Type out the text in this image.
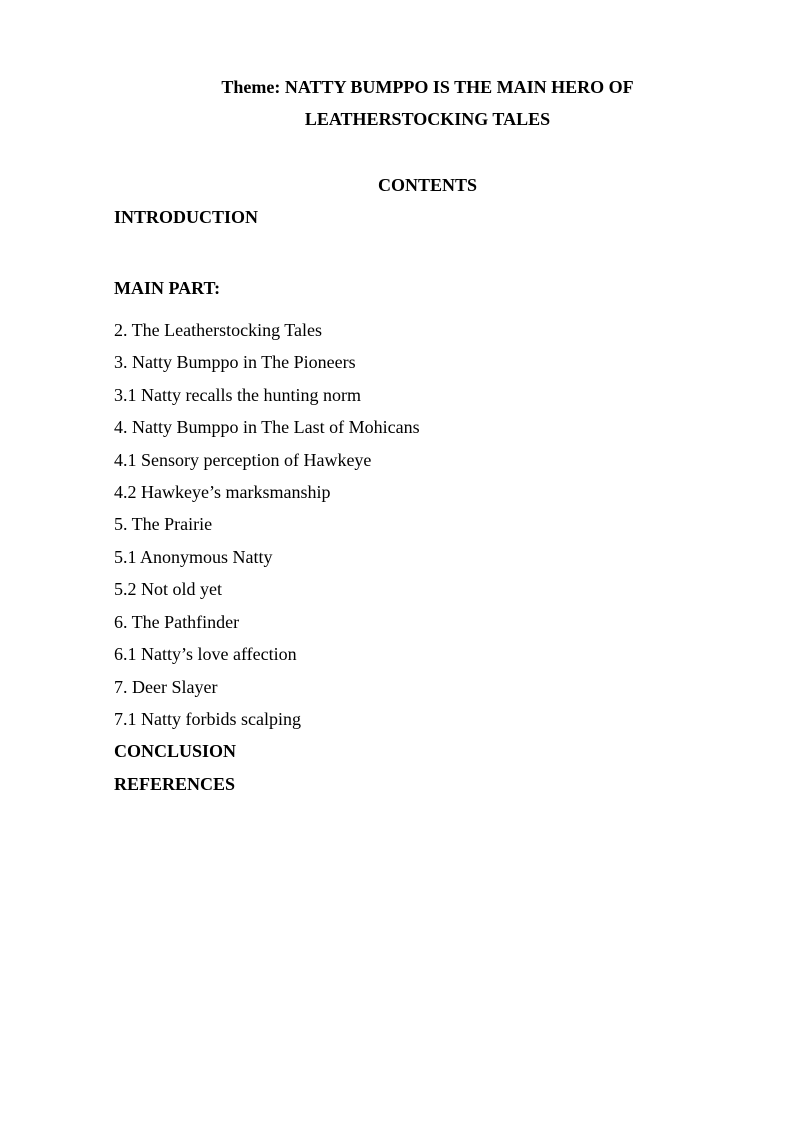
Theme: NATTY BUMPPO IS THE MAIN HERO OF
LEATHERSTOCKING TALES
CONTENTS
INTRODUCTION
MAIN PART:
2. The Leatherstocking Tales
3. Natty Bumppo in The Pioneers
3.1 Natty recalls the hunting norm
4. Natty Bumppo in The Last of Mohicans
4.1 Sensory perception of Hawkeye
4.2 Hawkeye’s marksmanship
5. The Prairie
5.1 Anonymous Natty
5.2 Not old yet
6. The Pathfinder
6.1 Natty’s love affection
7. Deer Slayer
7.1 Natty forbids scalping
CONCLUSION
REFERENCES
